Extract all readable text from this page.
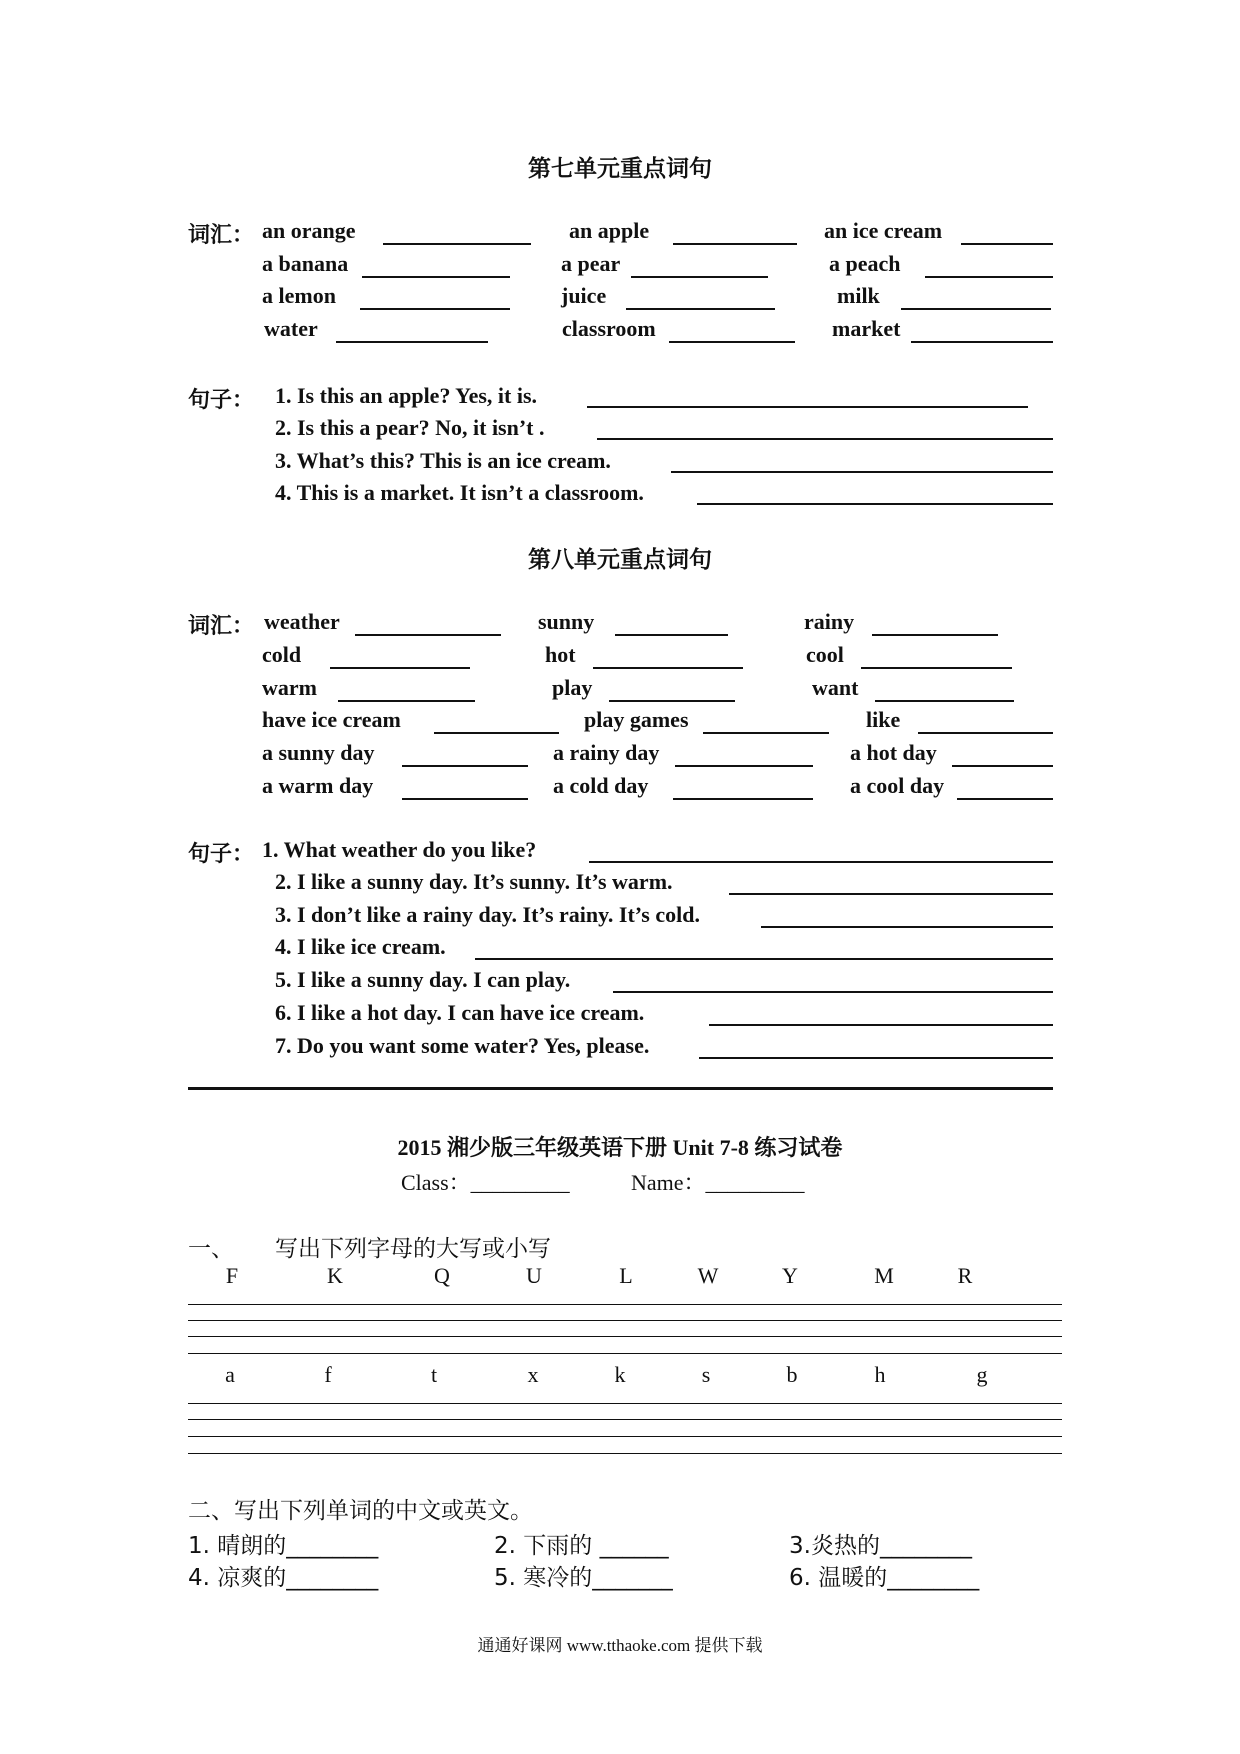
第七单元重点词句
词汇： an orange	an apple	an ice cream
a banana	a pear	a peach
a lemon	juice	milk
water	classroom	market
句子： 1. Is this an apple? Yes, it is.
2. Is this a pear? No, it isn’t .
3. What’s this? This is an ice cream.
4. This is a market. It isn’t a classroom.
第八单元重点词句
词汇： weather	sunny	rainy
cold	hot	cool
warm	play	want
have ice cream	play games	like
a sunny day	a rainy day	a hot day
a warm day	a cold day	a cool day
句子： 1. What weather do you like?
2. I like a sunny day. It’s sunny. It’s warm.
3. I don’t like a rainy day. It’s rainy. It’s cold.
4. I like ice cream.
5. I like a sunny day. I can play.
6. I like a hot day. I can have ice cream.
7. Do you want some water? Yes, please.
2015 湘少版三年级英语下册 Unit 7-8 练习试卷
Class：_________	Name：_________
一、 写出下列字母的大写或小写
F	K	Q	U	L	W	Y	M	R
a	f	t	x	k	s	b	h	g
二、写出下列单词的中文或英文。
1. 晴朗的________	2. 下雨的 ______	3.炎热的________
4. 凉爽的________	5. 寒冷的_______	6. 温暖的________
通通好课网 www.tthaoke.com 提供下载
